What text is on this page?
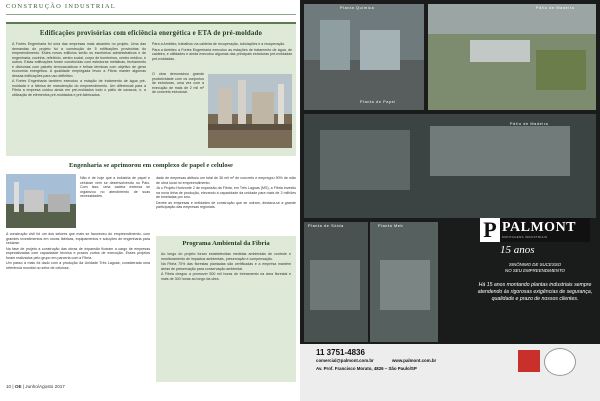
CONSTRUÇÃO INDUSTRIAL
Edificações provisórias com eficiência energética e ETA de pré-moldado

A Fortes Engenharia foi uma das empresas mais atuantes no projeto. Uma das demandas do projeto foi a construção de 5 edificações provisórias do empreendimento. Estes novos edifícios serão os escritórios administrativos e de engenharia, cozinha, refeitório, centro social, corpo de bombeiros, centro médico, e outros. Estas edificações foram construídas com estruturas metálicas, fechamento e divisórias com painéis termoacústicos e telhas térmicas com objetivo de gerar economia energética. A qualidade empregada levou a Fibria manter algumas dessas edificações para uso definitivo.

A Fortes Engenharia também executou a estação de tratamento de água pré-moldada e a fábrica de manutenção do empreendimento. Um diferencial para a Fibria a empresa cuidou ainda em pré-moldados todo o pátio de cavacos, e, a utilização de elementos pré-moldados e pré-fabricados.

Para a Ambitec, trabalhou na caldeira de recuperação, tubulações e a recuperação.

Para a Ambitec a Fortes Engenharia executou as estações de tratamento de água, de caldeira, e utilidades e ainda executou algumas das principais estruturas pré-moldadas pré-moldadas.

O obra demonstrou grande produtividade com os conjuntos de estruturas, uma vez com a execução de mais de 2 mil m³ de concreto estrutural.

Engenharia se aprimorou em complexo de papel e celulose

Não é de hoje que a indústria de papel e celulose vem se desenvolvendo no País. Com isso, uma cadeia extensa se organizou no atendimento de suas necessidades.

A construção civil foi um dos setores que mais se favoreceu do empreendimento, com grandes investimentos em novas fábricas, equipamentos e soluções de engenharia para celulose.

Na fase de projeto a construção das obras de expansão ficaram a cargo de empresas especializadas com capacidade técnica e prazos curtos de execução. Esses projetos foram realizados pelo grupo em parceria com a Fibria.

Um passo a mais foi dado com a produção da Unidade Três Lagoas, considerada uma referência mundial no setor de celulose.

dade de empresas atribuiu um total de 36 mil m³ de concreto e empregou 90% de mão de obra local no empreendimento.

Já o Projeto Horizonte 2 de expansão da Fibria, em Três Lagoas (MS), a Fibria investiu na nova linha de produção, elevando a capacidade da unidade para mais de 3 milhões de toneladas por ano.

Dentre as empresas e entidades de construção que se uniram, destaca-se a grande participação das empresas regionais.

Programa Ambiental da Fibria

Ao longo do projeto foram estabelecidas medidas ambientais de controle e monitoramento de impactos ambientais, preservação e compensação.

Na Fibria 70% das florestas plantadas são certificadas e a empresa mantém áreas de preservação para conservação ambiental.

A Fibria chegou a promover 500 mil horas de treinamento na área florestal e mais de 300 horas ao longo da obra.

10 | OE | Junho/Agosto 2017
Planta Química	Pátio de Madeira
Pátio de Madeira
Planta de Papel
Planta de Sóida	Planta Meb	P PALMONT
MONTAGENS INDUSTRIAIS
15 anos
SINÔNIMO DE SUCESSO
NO SEU EMPREENDIMENTO
Há 15 anos montando plantas industriais sempre atendendo às rigorosas exigências de segurança, qualidade e prazo de nossos clientes.
11 3751-4836
comercial@palmont.com.br	www.palmont.com.br
Av. Prof. Francisco Morato, 4826 – São Paulo/SP
